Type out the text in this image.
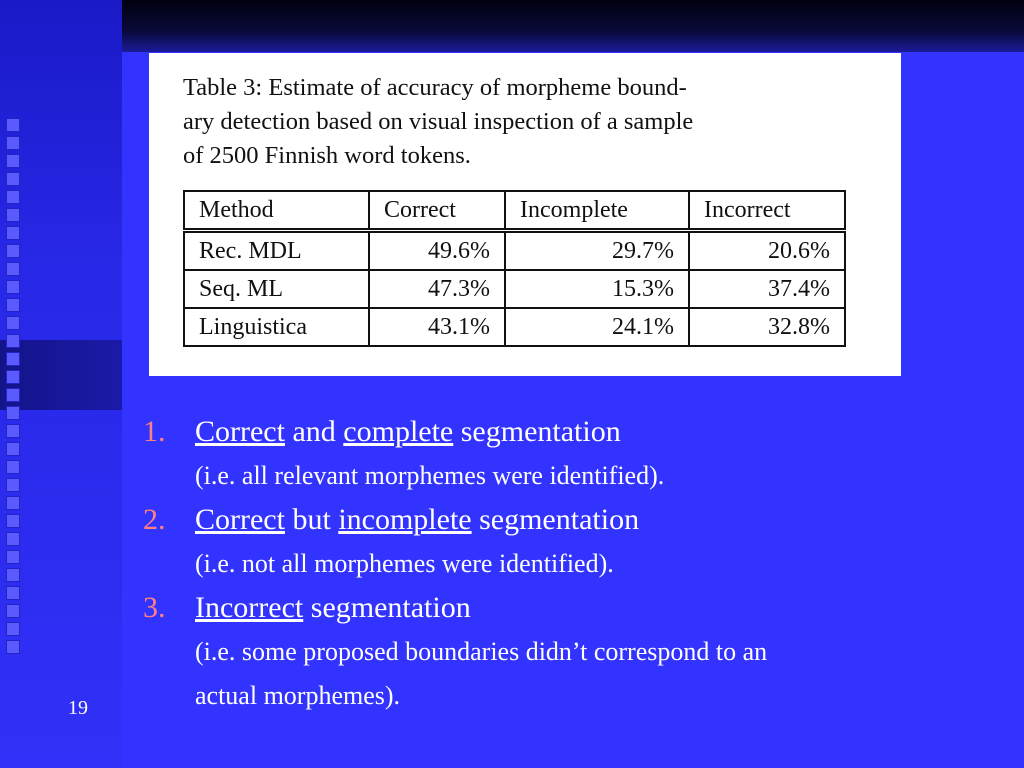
Table 3: Estimate of accuracy of morpheme bound-
ary detection based on visual inspection of a sample
of 2500 Finnish word tokens.
Method	Correct	Incomplete	Incorrect
Rec. MDL	49.6%	29.7%	20.6%
Seq. ML	47.3%	15.3%	37.4%
Linguistica	43.1%	24.1%	32.8%
1. Correct and complete segmentation
(i.e. all relevant morphemes were identified).
2. Correct but incomplete segmentation
(i.e. not all morphemes were identified).
3. Incorrect segmentation
(i.e. some proposed boundaries didn’t correspond to an
actual morphemes).
19
